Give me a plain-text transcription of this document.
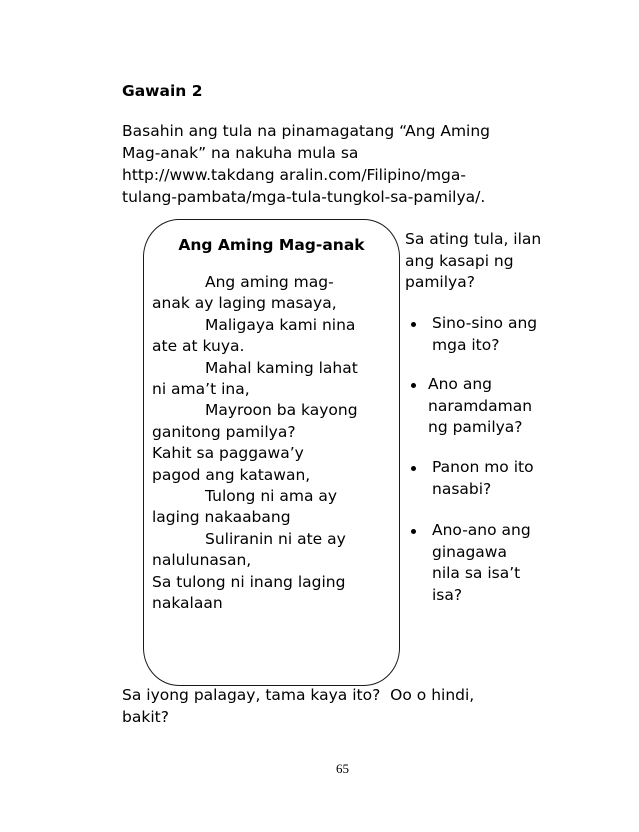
Gawain 2
Basahin ang tula na pinamagatang “Ang Aming
Mag-anak” na nakuha mula sa
http://www.takdang aralin.com/Filipino/mga-
tulang-pambata/mga-tula-tungkol-sa-pamilya/.
Ang Aming Mag-anak
Ang aming mag-
anak ay laging masaya,
Maligaya kami nina
ate at kuya.
Mahal kaming lahat
ni ama’t ina,
Mayroon ba kayong
ganitong pamilya?
Kahit sa paggawa’y
pagod ang katawan,
Tulong ni ama ay
laging nakaabang
Suliranin ni ate ay
nalulunasan,
Sa tulong ni inang laging
nakalaan
Sa ating tula, ilan
ang kasapi ng
pamilya?
Sino-sino ang
mga ito?
Ano ang
naramdaman
ng pamilya?
Panon mo ito
nasabi?
Ano-ano ang
ginagawa
nila sa isa’t
isa?
Sa iyong palagay, tama kaya ito?  Oo o hindi,
bakit?
65
